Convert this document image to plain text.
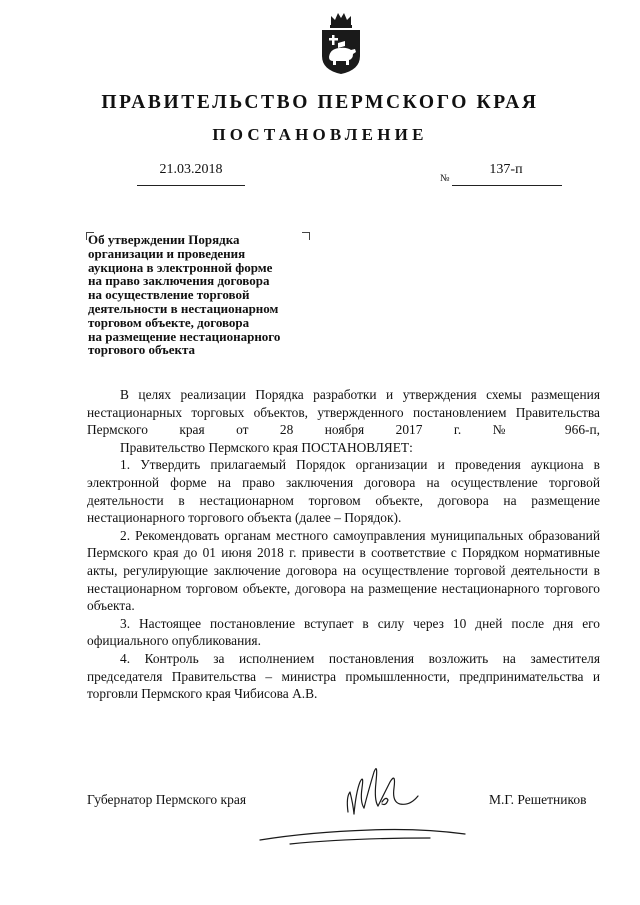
ПРАВИТЕЛЬСТВО ПЕРМСКОГО КРАЯ
ПОСТАНОВЛЕНИЕ
21.03.2018
№
137-п
Об утверждении Порядка
организации и проведения
аукциона в электронной форме
на право заключения договора
на осуществление торговой
деятельности в нестационарном
торговом объекте, договора
на размещение нестационарного
торгового объекта

В целях реализации Порядка разработки и утверждения схемы размещения нестационарных торговых объектов, утвержденного постановлением Правительства Пермского края от 28 ноября 2017 г. № 966-п,

Правительство Пермского края ПОСТАНОВЛЯЕТ:

1. Утвердить прилагаемый Порядок организации и проведения аукциона в электронной форме на право заключения договора на осуществление торговой деятельности в нестационарном торговом объекте, договора на размещение нестационарного торгового объекта (далее – Порядок).

2. Рекомендовать органам местного самоуправления муниципальных образований Пермского края до 01 июня 2018 г. привести в соответствие с Порядком нормативные акты, регулирующие заключение договора на осуществление торговой деятельности в нестационарном торговом объекте, договора на размещение нестационарного торгового объекта.

3. Настоящее постановление вступает в силу через 10 дней после дня его официального опубликования.

4. Контроль за исполнением постановления возложить на заместителя председателя Правительства – министра промышленности, предпринимательства и торговли Пермского края Чибисова А.В.

Губернатор Пермского края	М.Г. Решетников
